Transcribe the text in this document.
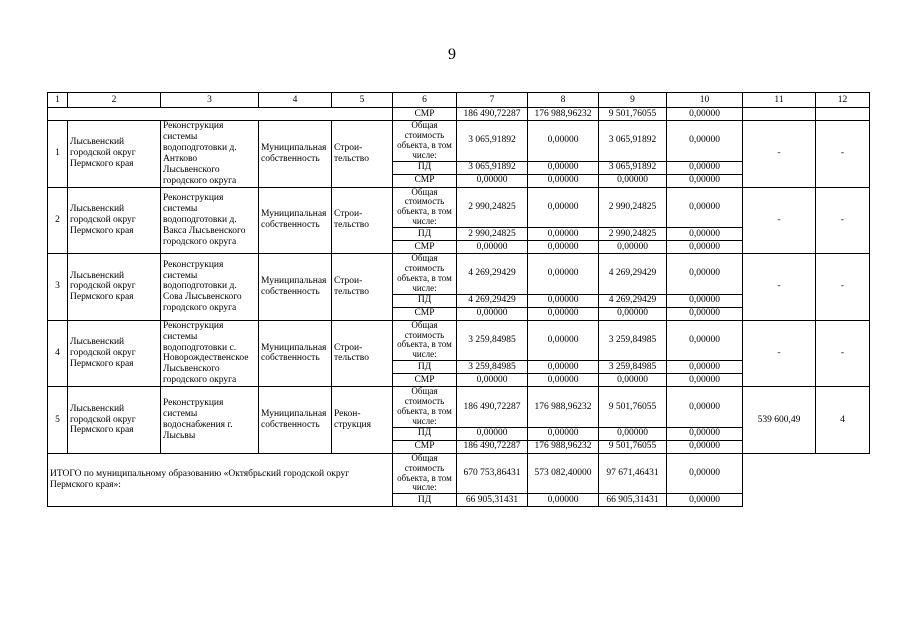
9
1	2	3	4	5	6	7	8	9	10	11	12
					СМР	186 490,72287	176 988,96232	9 501,76055	0,00000		
1	Лысьвенский городской округ Пермского края	Реконструкция системы водоподготовки д. Антково Лысьвенского городского округа	Муниципальная собственность	Строи-тельство	Общая стоимость объекта, в том числе:	3 065,91892	0,00000	3 065,91892	0,00000	-	-
					ПД	3 065,91892	0,00000	3 065,91892	0,00000		
					СМР	0,00000	0,00000	0,00000	0,00000		
2	Лысьвенский городской округ Пермского края	Реконструкция системы водоподготовки д. Вакса Лысьвенского городского округа	Муниципальная собственность	Строи-тельство	Общая стоимость объекта, в том числе:	2 990,24825	0,00000	2 990,24825	0,00000	-	-
					ПД	2 990,24825	0,00000	2 990,24825	0,00000		
					СМР	0,00000	0,00000	0,00000	0,00000		
3	Лысьвенский городской округ Пермского края	Реконструкция системы водоподготовки д. Сова Лысьвенского городского округа	Муниципальная собственность	Строи-тельство	Общая стоимость объекта, в том числе:	4 269,29429	0,00000	4 269,29429	0,00000	-	-
					ПД	4 269,29429	0,00000	4 269,29429	0,00000		
					СМР	0,00000	0,00000	0,00000	0,00000		
4	Лысьвенский городской округ Пермского края	Реконструкция системы водоподготовки с. Новорождественское Лысьвенского городского округа	Муниципальная собственность	Строи-тельство	Общая стоимость объекта, в том числе:	3 259,84985	0,00000	3 259,84985	0,00000	-	-
					ПД	3 259,84985	0,00000	3 259,84985	0,00000		
					СМР	0,00000	0,00000	0,00000	0,00000		
5	Лысьвенский городской округ Пермского края	Реконструкция системы водоснабжения г. Лысьвы	Муниципальная собственность	Рекон-струкция	Общая стоимость объекта, в том числе:	186 490,72287	176 988,96232	9 501,76055	0,00000	539 600,49	4
					ПД	0,00000	0,00000	0,00000	0,00000		
					СМР	186 490,72287	176 988,96232	9 501,76055	0,00000		
ИТОГО по муниципальному образованию «Октябрьский городской округ Пермского края»:					Общая стоимость объекта, в том числе:	670 753,86431	573 082,40000	97 671,46431	0,00000		
					ПД	66 905,31431	0,00000	66 905,31431	0,00000		
